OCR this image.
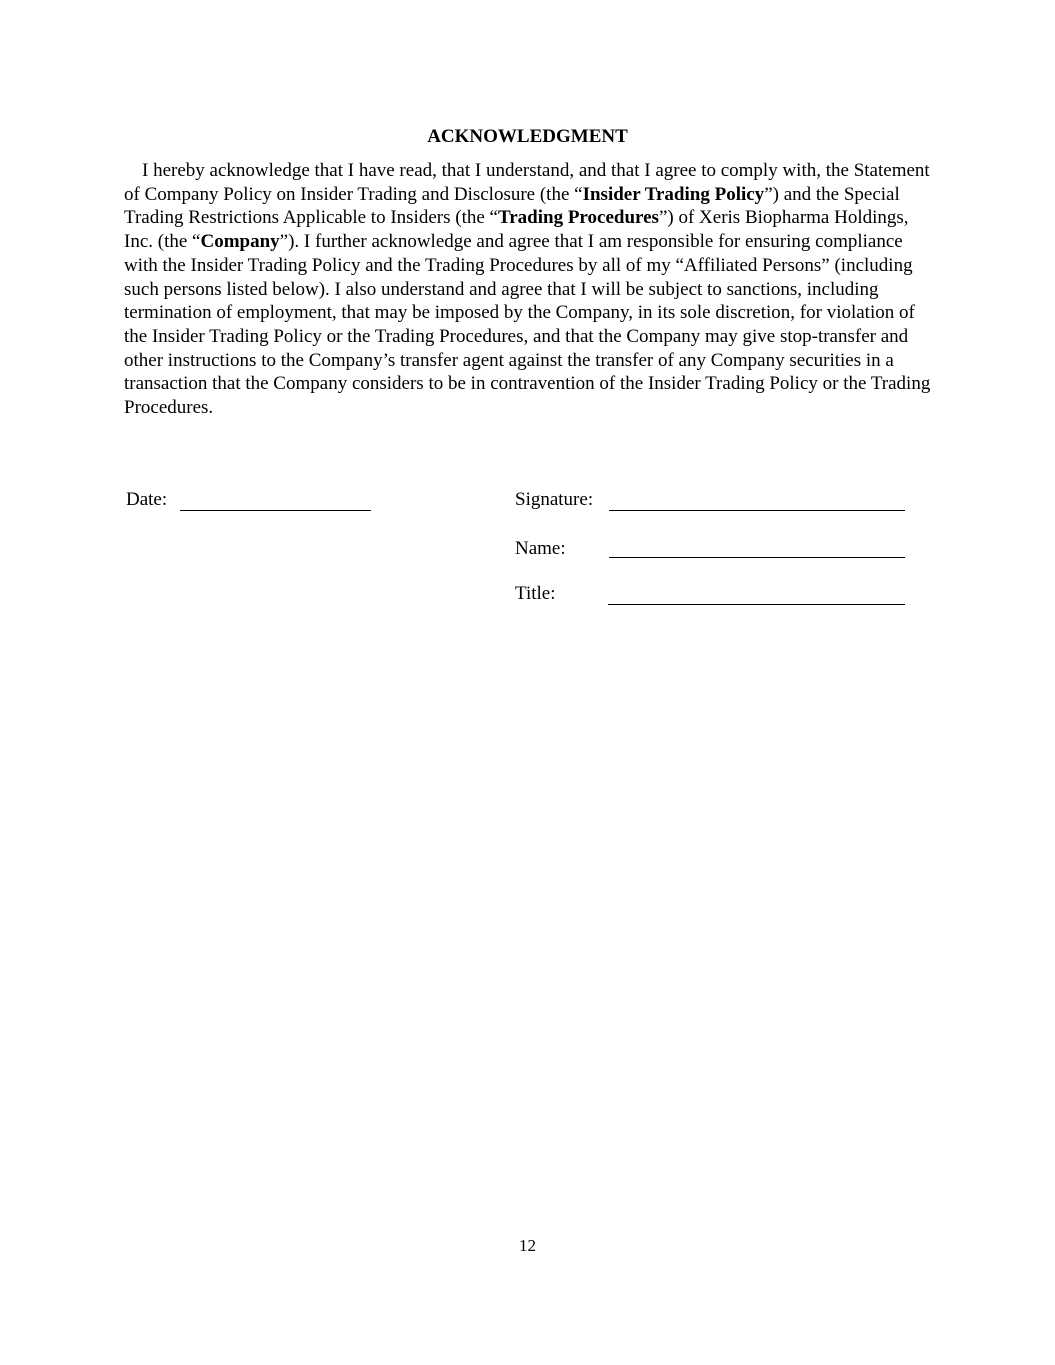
ACKNOWLEDGMENT

I hereby acknowledge that I have read, that I understand, and that I agree to comply with, the Statement of Company Policy on Insider Trading and Disclosure (the “Insider Trading Policy”) and the Special Trading Restrictions Applicable to Insiders (the “Trading Procedures”) of Xeris Biopharma Holdings, Inc. (the “Company”). I further acknowledge and agree that I am responsible for ensuring compliance with the Insider Trading Policy and the Trading Procedures by all of my “Affiliated Persons” (including such persons listed below). I also understand and agree that I will be subject to sanctions, including termination of employment, that may be imposed by the Company, in its sole discretion, for violation of the Insider Trading Policy or the Trading Procedures, and that the Company may give stop-transfer and other instructions to the Company’s transfer agent against the transfer of any Company securities in a transaction that the Company considers to be in contravention of the Insider Trading Policy or the Trading Procedures.

Date:	Signature:
Name:
Title:
12
